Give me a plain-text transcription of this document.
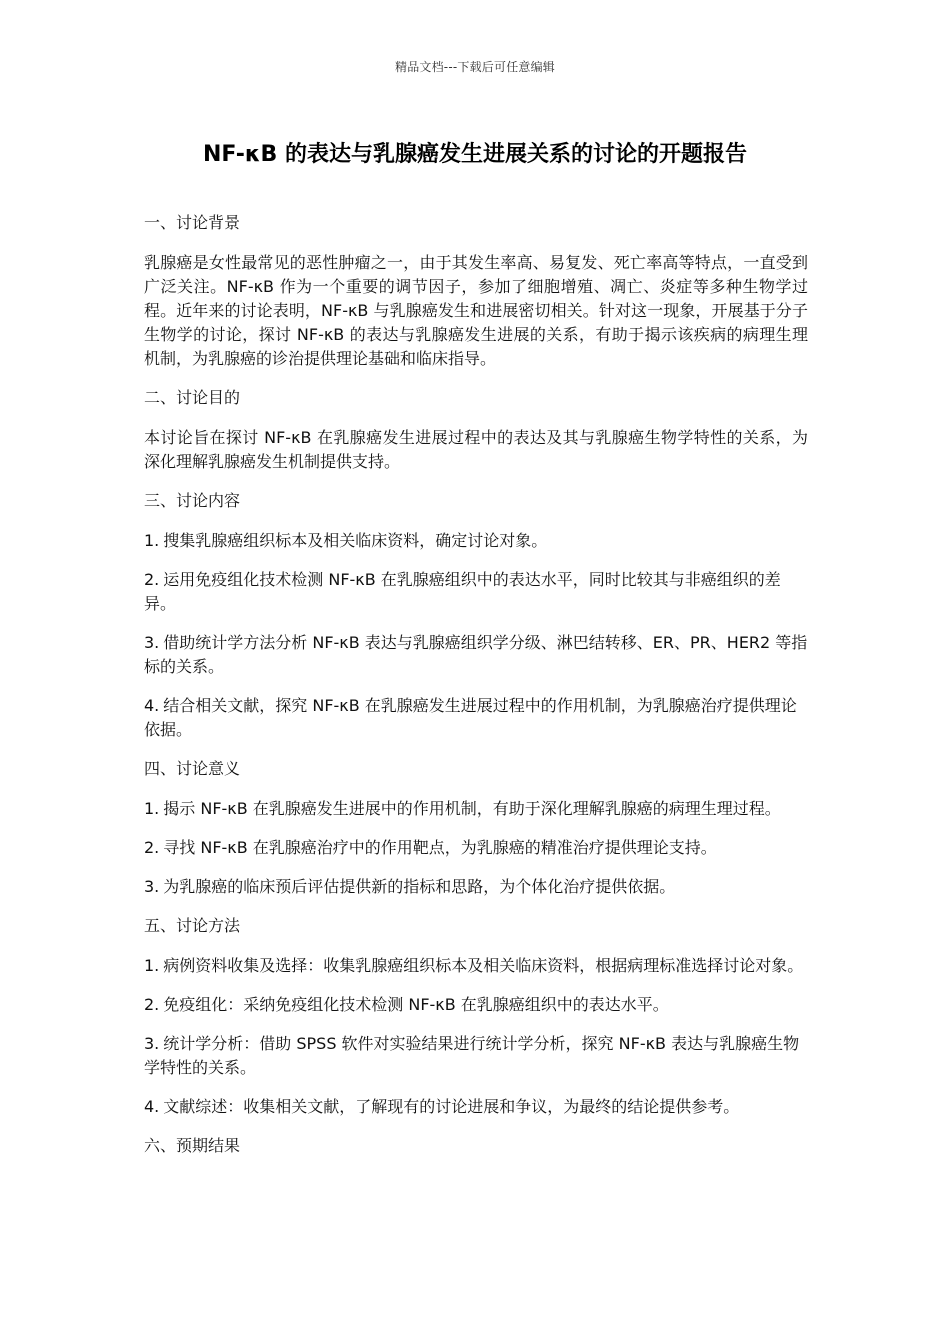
精品文档---下载后可任意编辑
NF-κB 的表达与乳腺癌发生进展关系的讨论的开题报告
一、讨论背景

乳腺癌是女性最常见的恶性肿瘤之一，由于其发生率高、易复发、死亡率高等特点，一直受到广泛关注。NF-κB 作为一个重要的调节因子，参加了细胞增殖、凋亡、炎症等多种生物学过程。近年来的讨论表明，NF-κB 与乳腺癌发生和进展密切相关。针对这一现象，开展基于分子生物学的讨论，探讨 NF-κB 的表达与乳腺癌发生进展的关系，有助于揭示该疾病的病理生理机制，为乳腺癌的诊治提供理论基础和临床指导。

二、讨论目的

本讨论旨在探讨 NF-κB 在乳腺癌发生进展过程中的表达及其与乳腺癌生物学特性的关系，为深化理解乳腺癌发生机制提供支持。

三、讨论内容

1. 搜集乳腺癌组织标本及相关临床资料，确定讨论对象。

2. 运用免疫组化技术检测 NF-κB 在乳腺癌组织中的表达水平，同时比较其与非癌组织的差异。

3. 借助统计学方法分析 NF-κB 表达与乳腺癌组织学分级、淋巴结转移、ER、PR、HER2 等指标的关系。

4. 结合相关文献，探究 NF-κB 在乳腺癌发生进展过程中的作用机制，为乳腺癌治疗提供理论依据。

四、讨论意义

1. 揭示 NF-κB 在乳腺癌发生进展中的作用机制，有助于深化理解乳腺癌的病理生理过程。

2. 寻找 NF-κB 在乳腺癌治疗中的作用靶点，为乳腺癌的精准治疗提供理论支持。

3. 为乳腺癌的临床预后评估提供新的指标和思路，为个体化治疗提供依据。

五、讨论方法

1. 病例资料收集及选择：收集乳腺癌组织标本及相关临床资料，根据病理标准选择讨论对象。

2. 免疫组化：采纳免疫组化技术检测 NF-κB 在乳腺癌组织中的表达水平。

3. 统计学分析：借助 SPSS 软件对实验结果进行统计学分析，探究 NF-κB 表达与乳腺癌生物学特性的关系。

4. 文献综述：收集相关文献，了解现有的讨论进展和争议，为最终的结论提供参考。

六、预期结果
